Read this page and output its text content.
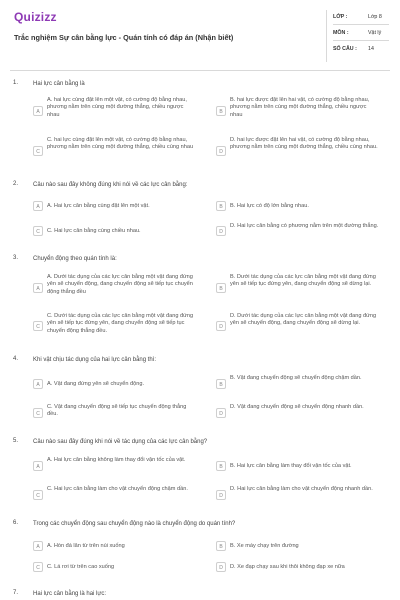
Quizizz
Trắc nghiệm Sự cân bằng lực - Quán tính có đáp án (Nhận biết)
LỚP :	Lớp 8
MÔN :	Vật lý
SỐ CÂU : 14
1. Hai lực cân bằng là
A
A. hai lực cùng đặt lên một vật, có cường độ bằng nhau, phương nằm trên cùng một đường thẳng, chiều ngược nhau	B
B. hai lực được đặt lên hai vật, có cường độ bằng nhau, phương nằm trên cùng một đường thẳng, chiều ngược nhau
C
C. hai lực cùng đặt lên một vật, có cường độ bằng nhau, phương nằm trên cùng một đường thẳng, chiều cùng nhau
D
D. hai lực được đặt lên hai vật, có cường độ bằng nhau, phương nằm trên cùng một đường thẳng, chiều cùng nhau.
2. Câu nào sau đây không đúng khi nói về các lực cân bằng:
A	A. Hai lực cân bằng cùng đặt lên một vật.	B	B. Hai lực có độ lớn bằng nhau.
C	C. Hai lực cân bằng cùng chiều nhau.	D
D. Hai lực cân bằng có phương nằm trên một đường thẳng.
3. Chuyển động theo quán tính là:
A
A. Dưới tác dụng của các lực cân bằng một vật đang đứng yên sẽ chuyển động, đang chuyển động sẽ tiếp tục chuyển động thẳng đều	B
B. Dưới tác dụng của các lực cân bằng một vật đang đứng yên sẽ tiếp tục đứng yên, đang chuyển động sẽ dừng lại.
C
C. Dưới tác dụng của các lực cân bằng một vật đang đứng yên sẽ tiếp tục đứng yên, đang chuyển động sẽ tiếp tục chuyển động thẳng đều.
D
D. Dưới tác dụng của các lực cân bằng một vật đang đứng yên sẽ chuyển động, đang chuyển động sẽ dừng lại.
4. Khi vật chịu tác dụng của hai lực cân bằng thì:
A	A. Vật đang đứng yên sẽ chuyển động.	B
B. Vật đang chuyển động sẽ chuyển động chậm dần.
C
C. Vật đang chuyển động sẽ tiếp tục chuyển động thẳng đều.	D
D. Vật đang chuyển động sẽ chuyển động nhanh dần.
5. Câu nào sau đây đúng khi nói về tác dụng của các lực cân bằng?
A
A. Hai lực cân bằng không làm thay đổi vận tốc của vật.
B	B. Hai lực cân bằng làm thay đổi vận tốc của vật.
C
C. Hai lực cân bằng làm cho vật chuyển động chậm dần.
D
D. Hai lực cân bằng làm cho vật chuyển động nhanh dần.
6. Trong các chuyển động sau chuyển động nào là chuyển động do quán tính?
A	A. Hòn đá lăn từ trên núi xuống	B	B. Xe máy chạy trên đường
C	C. Lá rơi từ trên cao xuống	D	D. Xe đạp chạy sau khi thôi không đạp xe nữa
7. Hai lực cân bằng là hai lực:
